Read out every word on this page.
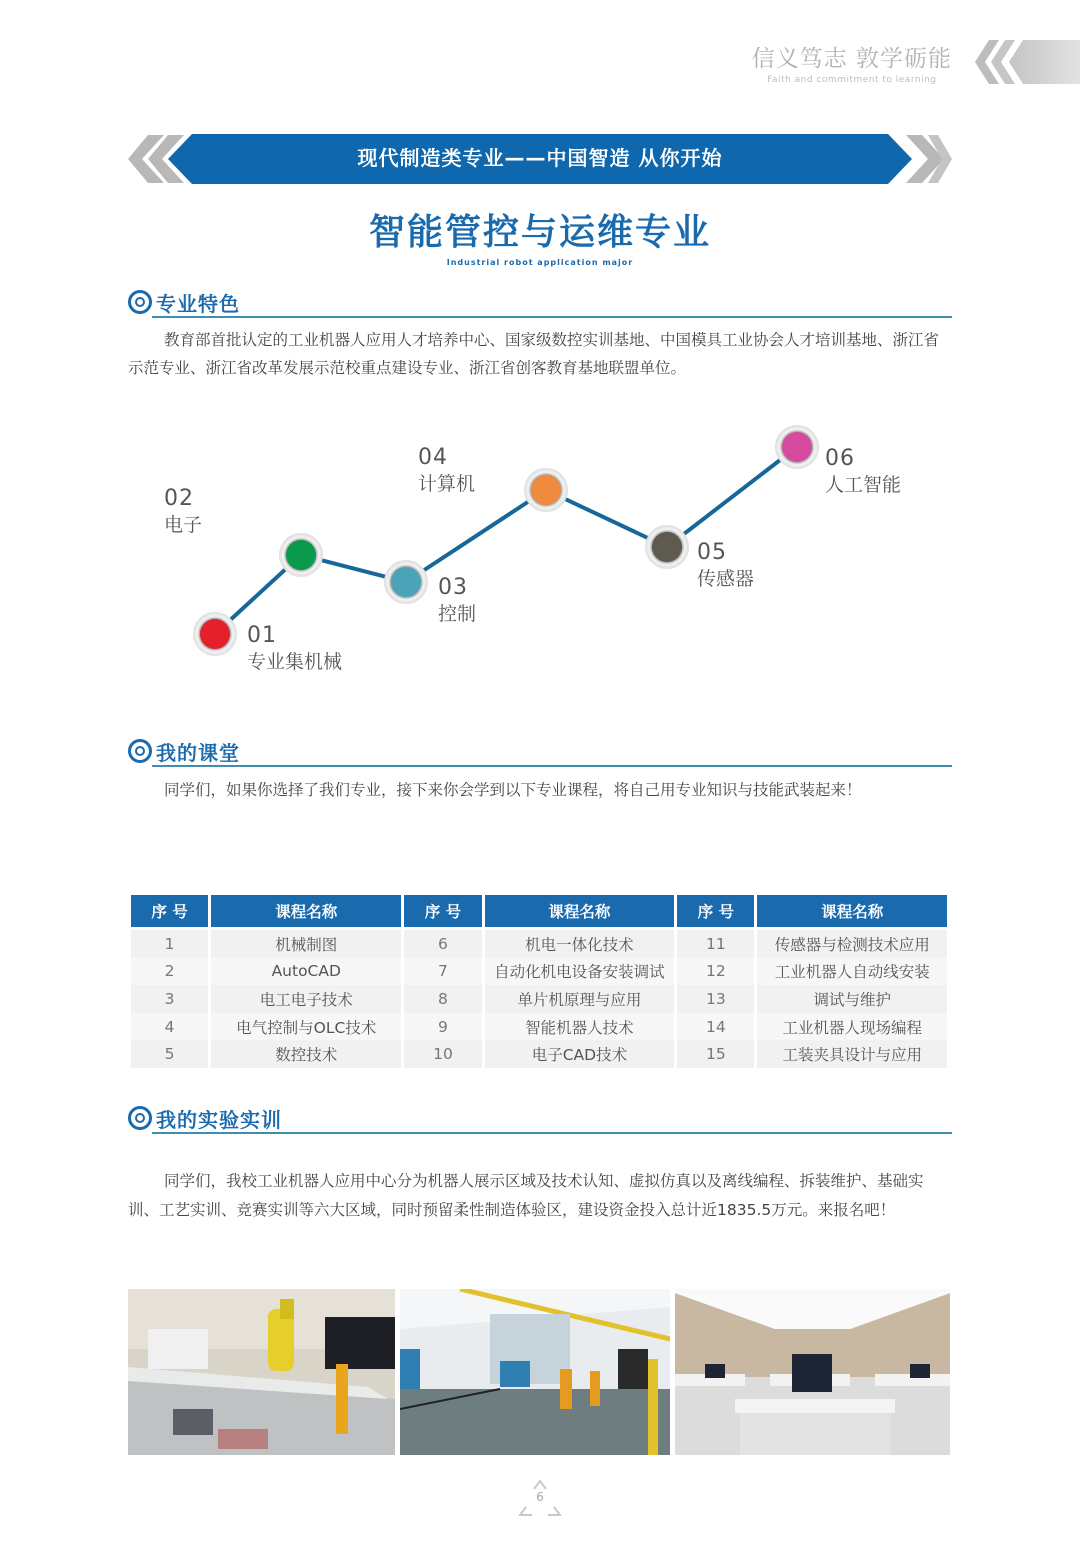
信义笃志 敦学砺能
Faith and commitment to learning
现代制造类专业——中国智造 从你开始
智能管控与运维专业
Industrial robot application major
专业特色
教育部首批认定的工业机器人应用人才培养中心、国家级数控实训基地、中国模具工业协会人才培训基地、浙江省示范专业、浙江省改革发展示范校重点建设专业、浙江省创客教育基地联盟单位。
01
专业集机械
02
电子
03
控制
04
计算机
05
传感器
06
人工智能
我的课堂
同学们，如果你选择了我们专业，接下来你会学到以下专业课程，将自己用专业知识与技能武装起来！
序 号	课程名称	序 号	课程名称	序 号	课程名称
1	机械制图	6	机电一体化技术	11	传感器与检测技术应用
2	AutoCAD	7	自动化机电设备安装调试	12	工业机器人自动线安装
3	电工电子技术	8	单片机原理与应用	13	调试与维护
4	电气控制与OLC技术	9	智能机器人技术	14	工业机器人现场编程
5	数控技术	10	电子CAD技术	15	工装夹具设计与应用
我的实验实训
同学们，我校工业机器人应用中心分为机器人展示区域及技术认知、虚拟仿真以及离线编程、拆装维护、基础实训、工艺实训、竞赛实训等六大区域，同时预留柔性制造体验区，建设资金投入总计近1835.5万元。来报名吧！
6
